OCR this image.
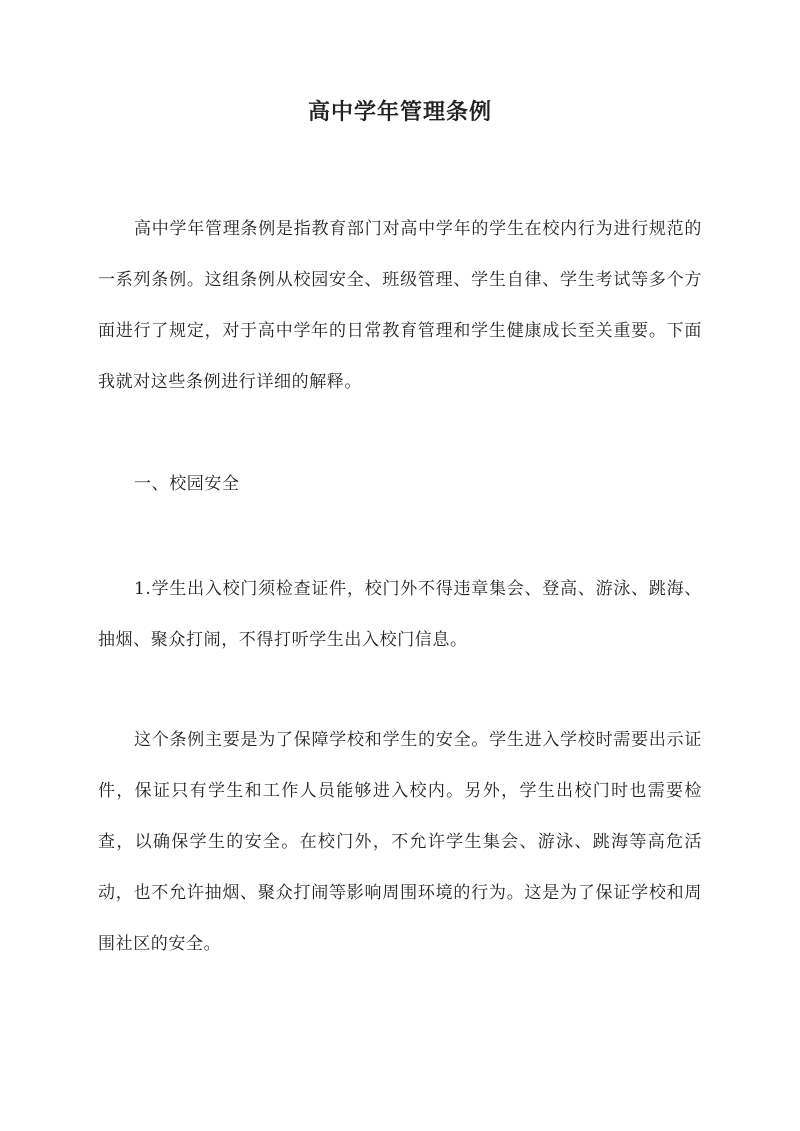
高中学年管理条例

高中学年管理条例是指教育部门对高中学年的学生在校内行为进行规范的一系列条例。这组条例从校园安全、班级管理、学生自律、学生考试等多个方面进行了规定，对于高中学年的日常教育管理和学生健康成长至关重要。下面我就对这些条例进行详细的解释。

一、校园安全

1.学生出入校门须检查证件，校门外不得违章集会、登高、游泳、跳海、抽烟、聚众打闹，不得打听学生出入校门信息。

这个条例主要是为了保障学校和学生的安全。学生进入学校时需要出示证件，保证只有学生和工作人员能够进入校内。另外，学生出校门时也需要检查，以确保学生的安全。在校门外，不允许学生集会、游泳、跳海等高危活动，也不允许抽烟、聚众打闹等影响周围环境的行为。这是为了保证学校和周围社区的安全。
